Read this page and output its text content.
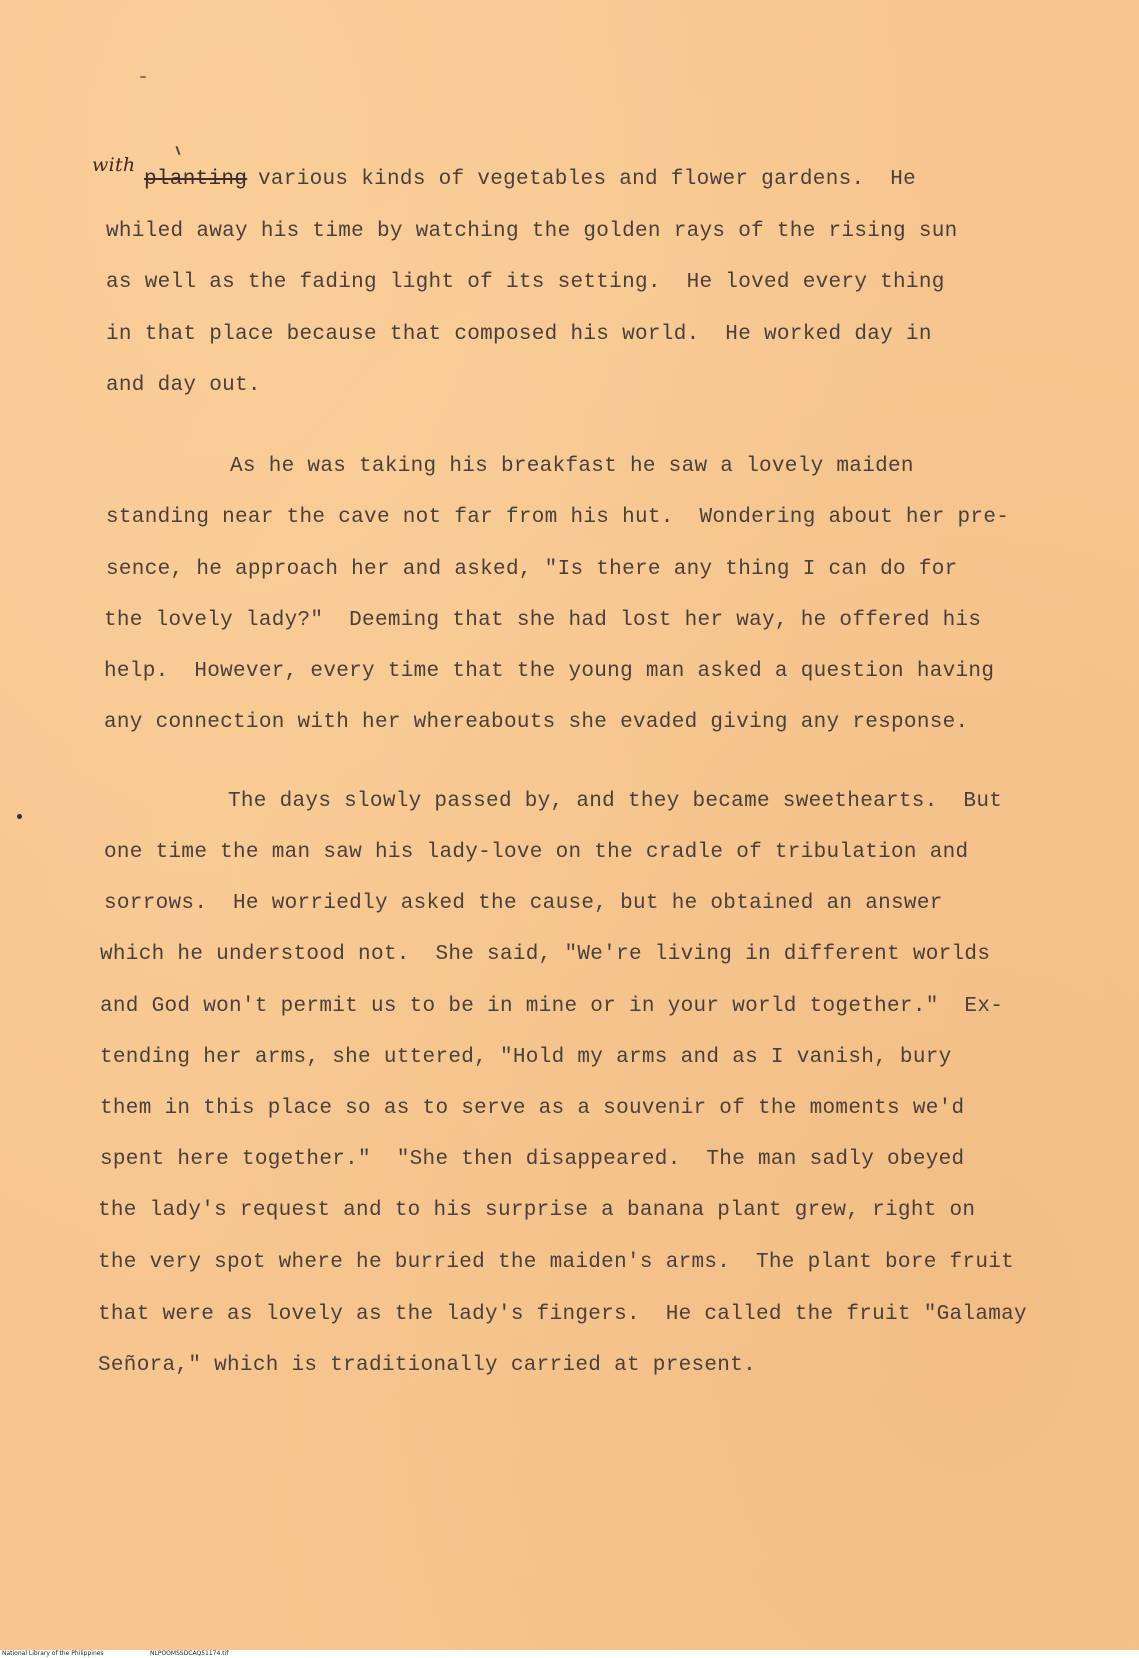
with
planting various kinds of vegetables and flower gardens.  He

whiled away his time by watching the golden rays of the rising sun
as well as the fading light of its setting.  He loved every thing
in that place because that composed his world.  He worked day in
and day out.
As he was taking his breakfast he saw a lovely maiden
standing near the cave not far from his hut.  Wondering about her pre-
sence, he approach her and asked, "Is there any thing I can do for
the lovely lady?"  Deeming that she had lost her way, he offered his
help.  However, every time that the young man asked a question having
any connection with her whereabouts she evaded giving any response.
The days slowly passed by, and they became sweethearts.  But
one time the man saw his lady-love on the cradle of tribulation and
sorrows.  He worriedly asked the cause, but he obtained an answer
which he understood not.  She said, "We're living in different worlds
and God won't permit us to be in mine or in your world together."  Ex-
tending her arms, she uttered, "Hold my arms and as I vanish, bury
them in this place so as to serve as a souvenir of the moments we'd
spent here together."  "She then disappeared.  The man sadly obeyed
the lady's request and to his surprise a banana plant grew, right on
the very spot where he burried the maiden's arms.  The plant bore fruit
that were as lovely as the lady's fingers.  He called the fruit "Galamay
Señora," which is traditionally carried at present.

National Library of the Philippines

	NLPOOMSSDCAQ51174.tif
